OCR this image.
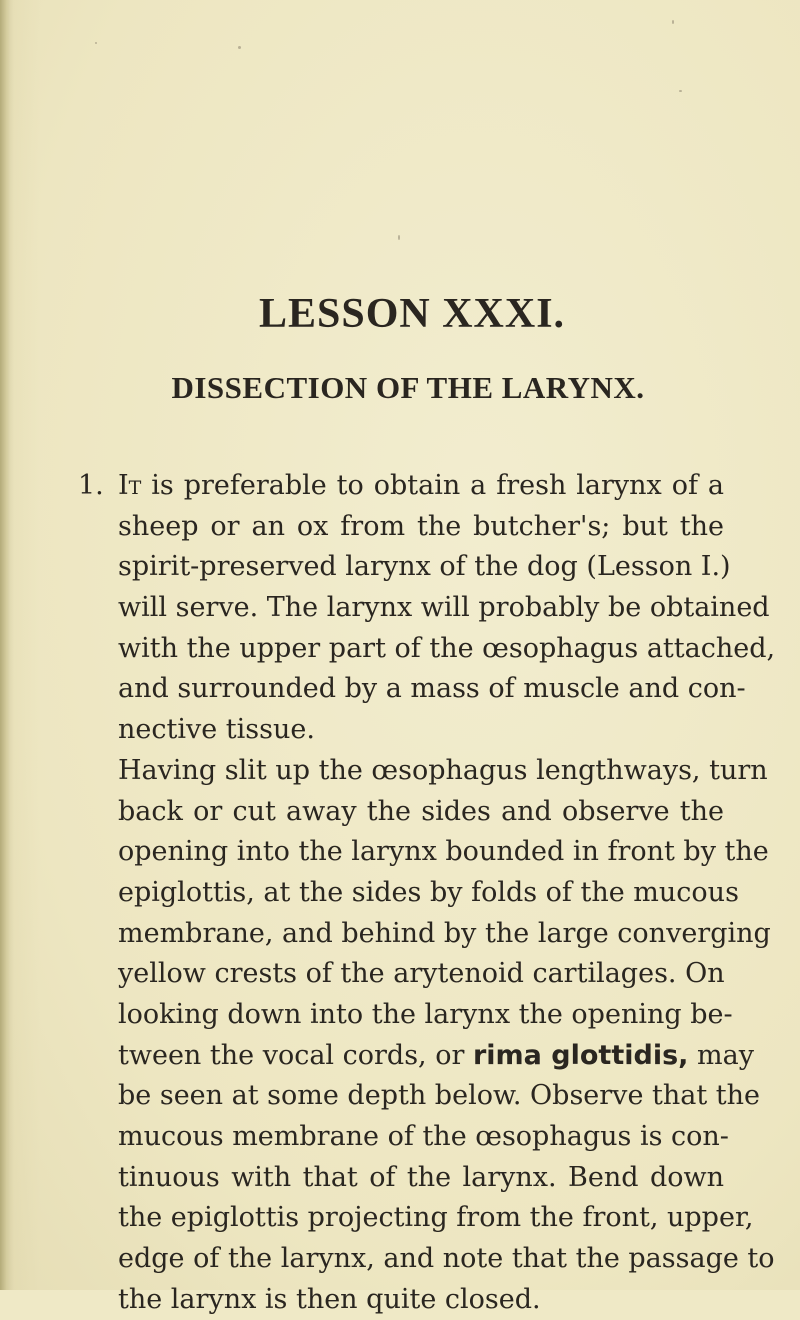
LESSON XXXI.
DISSECTION OF THE LARYNX.
1. It is preferable to obtain a fresh larynx of a
sheep or an ox from the butcher's; but the
spirit-preserved larynx of the dog (Lesson I.)
will serve. The larynx will probably be obtained
with the upper part of the œsophagus attached,
and surrounded by a mass of muscle and con-
nective tissue.
Having slit up the œsophagus lengthways, turn
back or cut away the sides and observe the
opening into the larynx bounded in front by the
epiglottis, at the sides by folds of the mucous
membrane, and behind by the large converging
yellow crests of the arytenoid cartilages. On
looking down into the larynx the opening be-
tween the vocal cords, or rima glottidis, may
be seen at some depth below. Observe that the
mucous membrane of the œsophagus is con-
tinuous with that of the larynx. Bend down
the epiglottis projecting from the front, upper,
edge of the larynx, and note that the passage to
the larynx is then quite closed.
